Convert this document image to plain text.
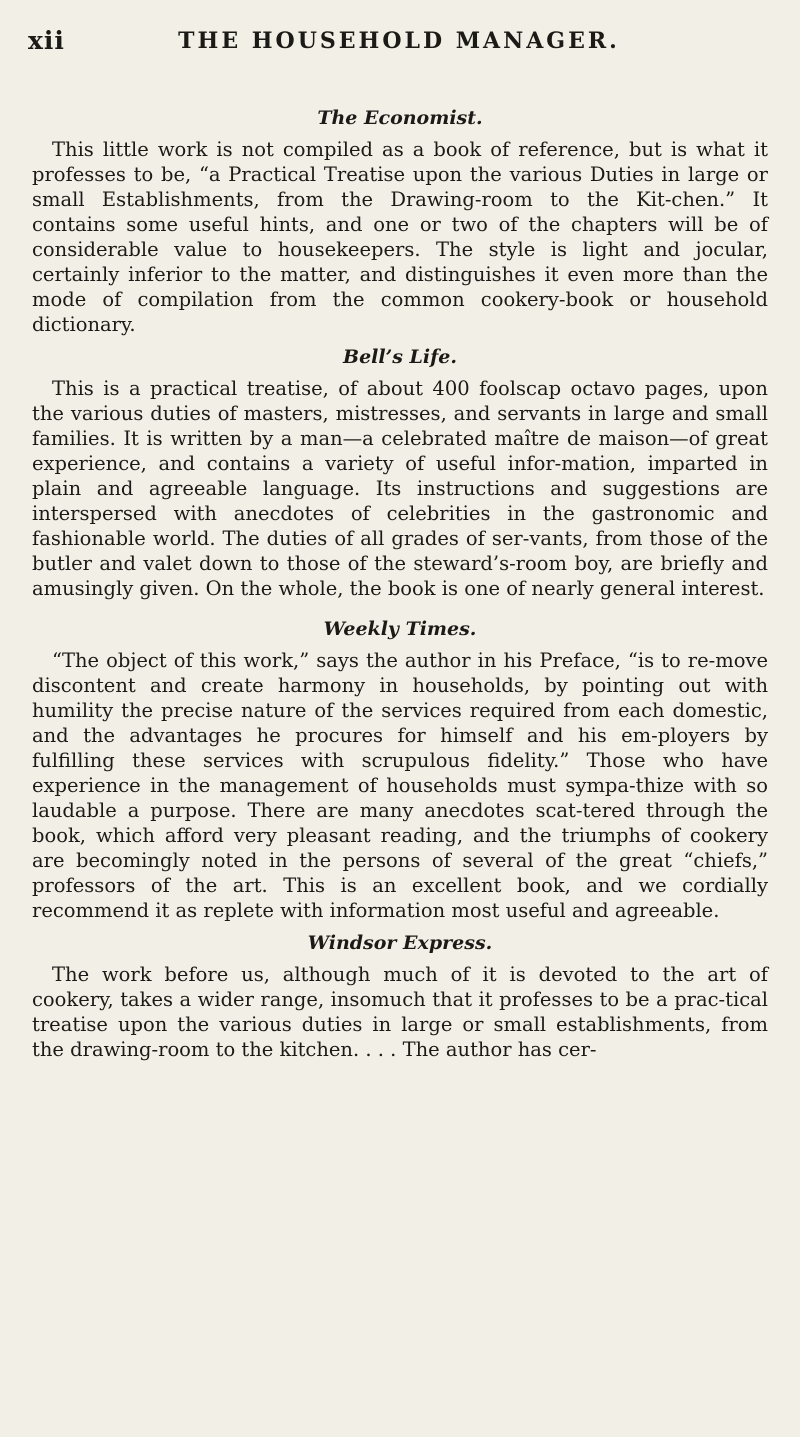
xii	THE HOUSEHOLD MANAGER.
The Economist.

This little work is not compiled as a book of reference, but is what it professes to be, “a Practical Treatise upon the various Duties in large or small Establishments, from the Drawing-room to the Kit-chen.” It contains some useful hints, and one or two of the chapters will be of considerable value to housekeepers. The style is light and jocular, certainly inferior to the matter, and distinguishes it even more than the mode of compilation from the common cookery-book or household dictionary.

Bell’s Life.

This is a practical treatise, of about 400 foolscap octavo pages, upon the various duties of masters, mistresses, and servants in large and small families. It is written by a man—a celebrated maître de maison—of great experience, and contains a variety of useful infor-mation, imparted in plain and agreeable language. Its instructions and suggestions are interspersed with anecdotes of celebrities in the gastronomic and fashionable world. The duties of all grades of ser-vants, from those of the butler and valet down to those of the steward’s-room boy, are briefly and amusingly given. On the whole, the book is one of nearly general interest.

Weekly Times.

“The object of this work,” says the author in his Preface, “is to re-move discontent and create harmony in households, by pointing out with humility the precise nature of the services required from each domestic, and the advantages he procures for himself and his em-ployers by fulfilling these services with scrupulous fidelity.” Those who have experience in the management of households must sympa-thize with so laudable a purpose. There are many anecdotes scat-tered through the book, which afford very pleasant reading, and the triumphs of cookery are becomingly noted in the persons of several of the great “chiefs,” professors of the art. This is an excellent book, and we cordially recommend it as replete with information most useful and agreeable.

Windsor Express.

The work before us, although much of it is devoted to the art of cookery, takes a wider range, insomuch that it professes to be a prac-tical treatise upon the various duties in large or small establishments, from the drawing-room to the kitchen. . . . The author has cer-
